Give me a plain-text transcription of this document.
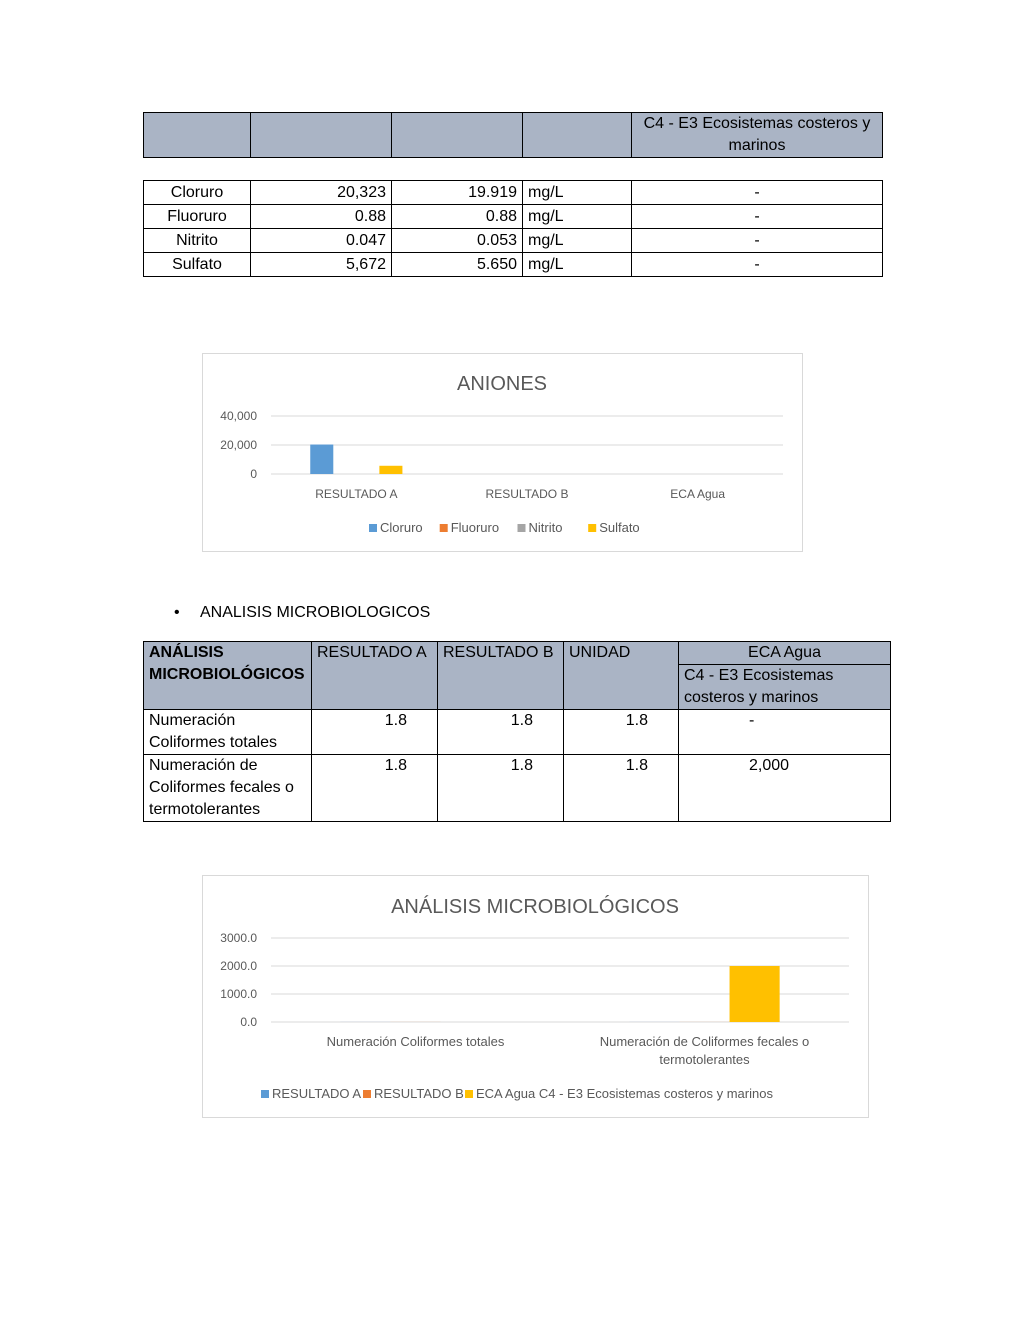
				C4 - E3 Ecosistemas costeros y marinos
Cloruro	20,323	19.919	mg/L	-
Fluoruro	0.88	0.88	mg/L	-
Nitrito	0.047	0.053	mg/L	-
Sulfato	5,672	5.650	mg/L	-
ANIONES
0
20,000
40,000
RESULTADO A	RESULTADO B	ECA Agua
Cloruro Fluoruro Nitrito	Sulfato
• ANALISIS MICROBIOLOGICOS
ANÁLISIS MICROBIOLÓGICOS	RESULTADO A	RESULTADO B	UNIDAD	ECA Agua
				C4 - E3 Ecosistemas costeros y marinos
Numeración Coliformes totales	1.8	1.8	1.8	-
Numeración de Coliformes fecales o termotolerantes	1.8	1.8	1.8	2,000
ANÁLISIS MICROBIOLÓGICOS
0.0
1000.0
2000.0
3000.0
Numeración Coliformes totales	Numeración de Coliformes fecales o
termotolerantes
RESULTADO A RESULTADO B ECA Agua C4 - E3 Ecosistemas costeros y marinos
